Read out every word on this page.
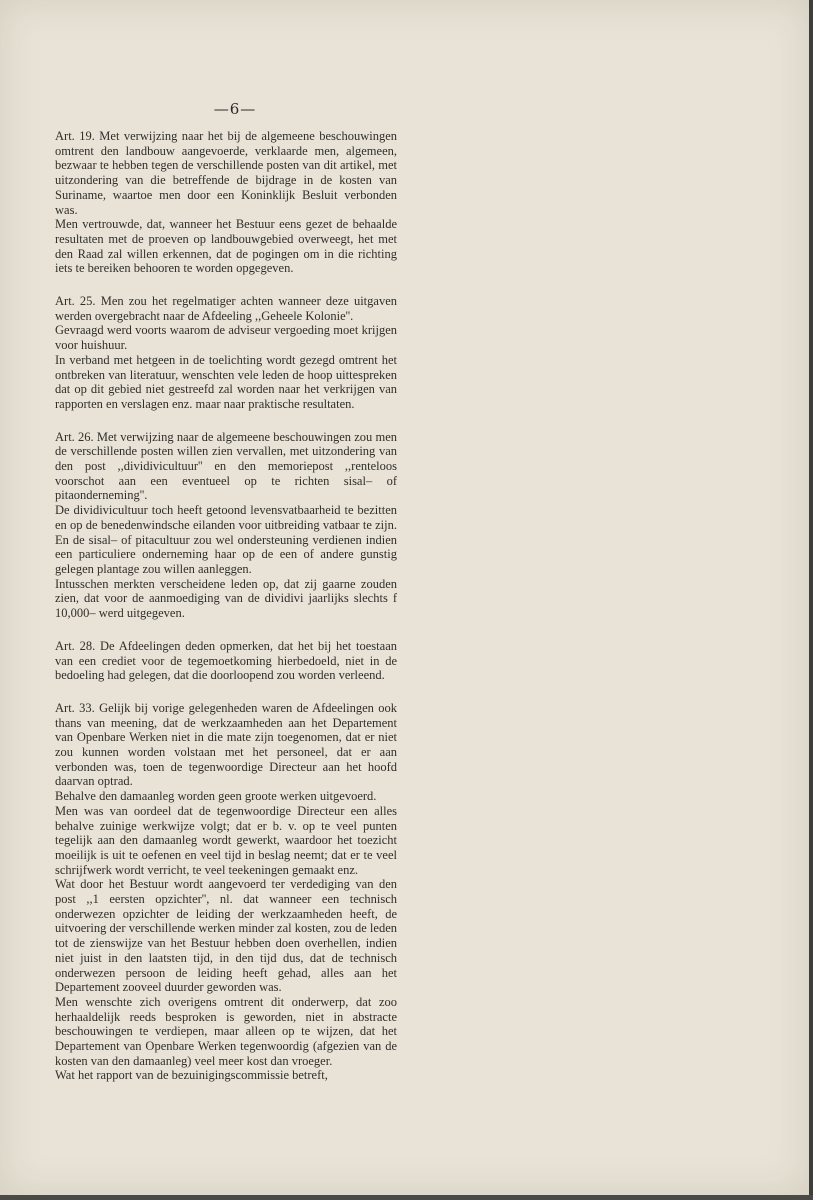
—6—

Art. 19. Met verwijzing naar het bij de algemeene beschouwingen omtrent den landbouw aangevoerde, verklaarde men, algemeen, bezwaar te hebben tegen de verschillende posten van dit artikel, met uitzondering van die betreffende de bijdrage in de kosten van Suriname, waartoe men door een Koninklijk Besluit verbonden was.

Men vertrouwde, dat, wanneer het Bestuur eens gezet de behaalde resultaten met de proeven op landbouwgebied overweegt, het met den Raad zal willen erkennen, dat de pogingen om in die richting iets te bereiken behooren te worden opgegeven.

Art. 25. Men zou het regelmatiger achten wanneer deze uitgaven werden overgebracht naar de Afdeeling ,,Geheele Kolonie''.

Gevraagd werd voorts waarom de adviseur vergoeding moet krijgen voor huishuur.

In verband met hetgeen in de toelichting wordt gezegd omtrent het ontbreken van literatuur, wenschten vele leden de hoop uittespreken dat op dit gebied niet gestreefd zal worden naar het verkrijgen van rapporten en verslagen enz. maar naar praktische resultaten.

Art. 26. Met verwijzing naar de algemeene beschouwingen zou men de verschillende posten willen zien vervallen, met uitzondering van den post ,,dividivicultuur'' en den memoriepost ,,renteloos voorschot aan een eventueel op te richten sisal– of pitaonderneming''.

De dividivicultuur toch heeft getoond levensvatbaarheid te bezitten en op de benedenwindsche eilanden voor uitbreiding vatbaar te zijn. En de sisal– of pitacultuur zou wel ondersteuning verdienen indien een particuliere onderneming haar op de een of andere gunstig gelegen plantage zou willen aanleggen.

Intusschen merkten verscheidene leden op, dat zij gaarne zouden zien, dat voor de aanmoediging van de dividivi jaarlijks slechts f 10,000– werd uitgegeven.

Art. 28. De Afdeelingen deden opmerken, dat het bij het toestaan van een crediet voor de tegemoetkoming hierbedoeld, niet in de bedoeling had gelegen, dat die doorloopend zou worden verleend.

Art. 33. Gelijk bij vorige gelegenheden waren de Afdeelingen ook thans van meening, dat de werkzaamheden aan het Departement van Openbare Werken niet in die mate zijn toegenomen, dat er niet zou kunnen worden volstaan met het personeel, dat er aan verbonden was, toen de tegenwoordige Directeur aan het hoofd daarvan optrad.

Behalve den damaanleg worden geen groote werken uitgevoerd.

Men was van oordeel dat de tegenwoordige Directeur een alles behalve zuinige werkwijze volgt; dat er b. v. op te veel punten tegelijk aan den damaanleg wordt gewerkt, waardoor het toezicht moeilijk is uit te oefenen en veel tijd in beslag neemt; dat er te veel schrijfwerk wordt verricht, te veel teekeningen gemaakt enz.

Wat door het Bestuur wordt aangevoerd ter verdediging van den post ,,1 eersten opzichter'', nl. dat wanneer een technisch onderwezen opzichter de leiding der werkzaamheden heeft, de uitvoering der verschillende werken minder zal kosten, zou de leden tot de zienswijze van het Bestuur hebben doen overhellen, indien niet juist in den laatsten tijd, in den tijd dus, dat de technisch onderwezen persoon de leiding heeft gehad, alles aan het Departement zooveel duurder geworden was.

Men wenschte zich overigens omtrent dit onderwerp, dat zoo herhaaldelijk reeds besproken is geworden, niet in abstracte beschouwingen te verdiepen, maar alleen op te wijzen, dat het Departement van Openbare Werken tegenwoordig (afgezien van de kosten van den damaanleg) veel meer kost dan vroeger.

Wat het rapport van de bezuinigingscommissie betreft,
